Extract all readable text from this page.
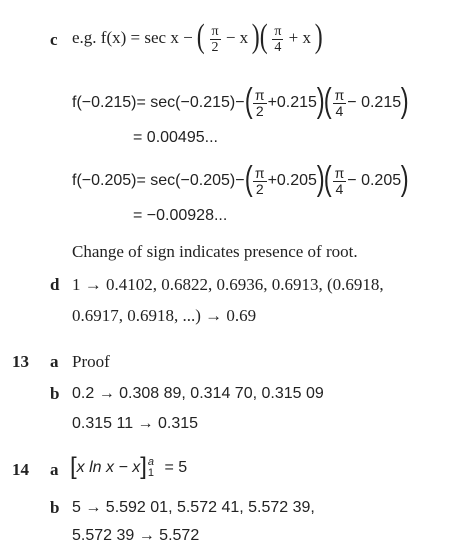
c e.g. f(x) = sec x − ( $\frac{\pi}{2} - x$ )( $\frac{\pi}{4} + x$ )
$f(-0.215)= \sec(-0.215)-( \frac{\pi}{2} +0.215)( \frac{\pi}{4} - 0.215)$
= 0.00495...
$f(-0.205)= \sec(-0.205)-( \frac{\pi}{2} +0.205)( \frac{\pi}{4} - 0.205)$
= −0.00928...
Change of sign indicates presence of root.
d 1 → 0.4102, 0.6822, 0.6936, 0.6913, (0.6918,
0.6917, 0.6918, ...) → 0.69
13 a Proof
b 0.2 → 0.308 89, 0.314 70, 0.315 09
0.315 11 → 0.315
14 a [x ln x − x] a
1 = 5
b 5 → 5.592 01, 5.572 41, 5.572 39,
5.572 39 → 5.572
